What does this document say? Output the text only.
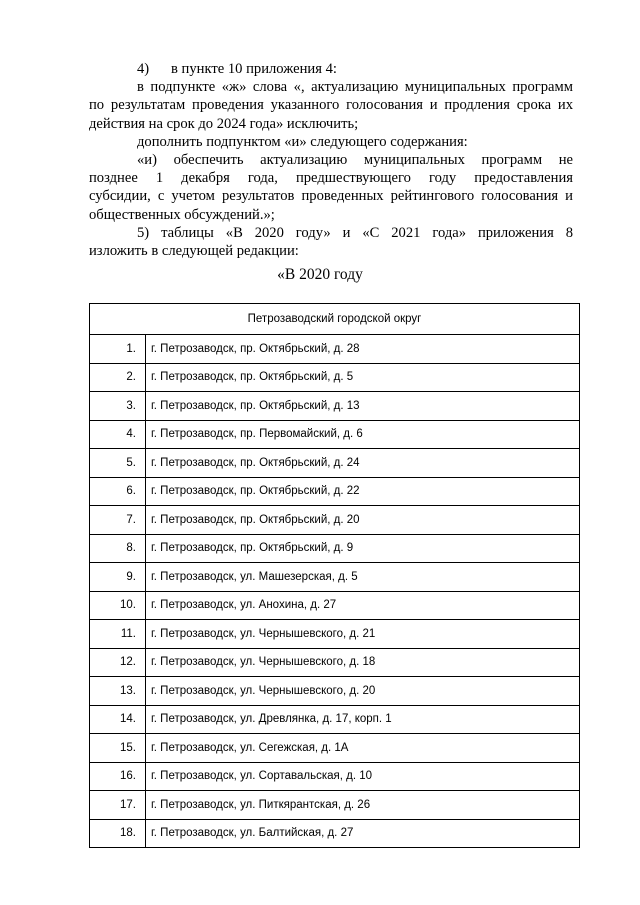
4) в пункте 10 приложения 4:

в подпункте «ж» слова «, актуализацию муниципальных программ

по результатам проведения указанного голосования и продления срока их

действия на срок до 2024 года» исключить;

дополнить подпунктом «и» следующего содержания:

«и) обеспечить актуализацию муниципальных программ не

позднее 1 декабря года, предшествующего году предоставления

субсидии, с учетом результатов проведенных рейтингового голосования и

общественных обсуждений.»;

5) таблицы «В 2020 году» и «С 2021 года» приложения 8

изложить в следующей редакции:

«В 2020 году
Петрозаводский городской округ	
1.	г. Петрозаводск, пр. Октябрьский, д. 28
2.	г. Петрозаводск, пр. Октябрьский, д. 5
3.	г. Петрозаводск, пр. Октябрьский, д. 13
4.	г. Петрозаводск, пр. Первомайский, д. 6
5.	г. Петрозаводск, пр. Октябрьский, д. 24
6.	г. Петрозаводск, пр. Октябрьский, д. 22
7.	г. Петрозаводск, пр. Октябрьский, д. 20
8.	г. Петрозаводск, пр. Октябрьский, д. 9
9.	г. Петрозаводск, ул. Машезерская, д. 5
10.	г. Петрозаводск, ул. Анохина, д. 27
11.	г. Петрозаводск, ул. Чернышевского, д. 21
12.	г. Петрозаводск, ул. Чернышевского, д. 18
13.	г. Петрозаводск, ул. Чернышевского, д. 20
14.	г. Петрозаводск, ул. Древлянка, д. 17, корп. 1
15.	г. Петрозаводск, ул. Сегежская, д. 1А
16.	г. Петрозаводск, ул. Сортавальская, д. 10
17.	г. Петрозаводск, ул. Питкярантская, д. 26
18.	г. Петрозаводск, ул. Балтийская, д. 27
